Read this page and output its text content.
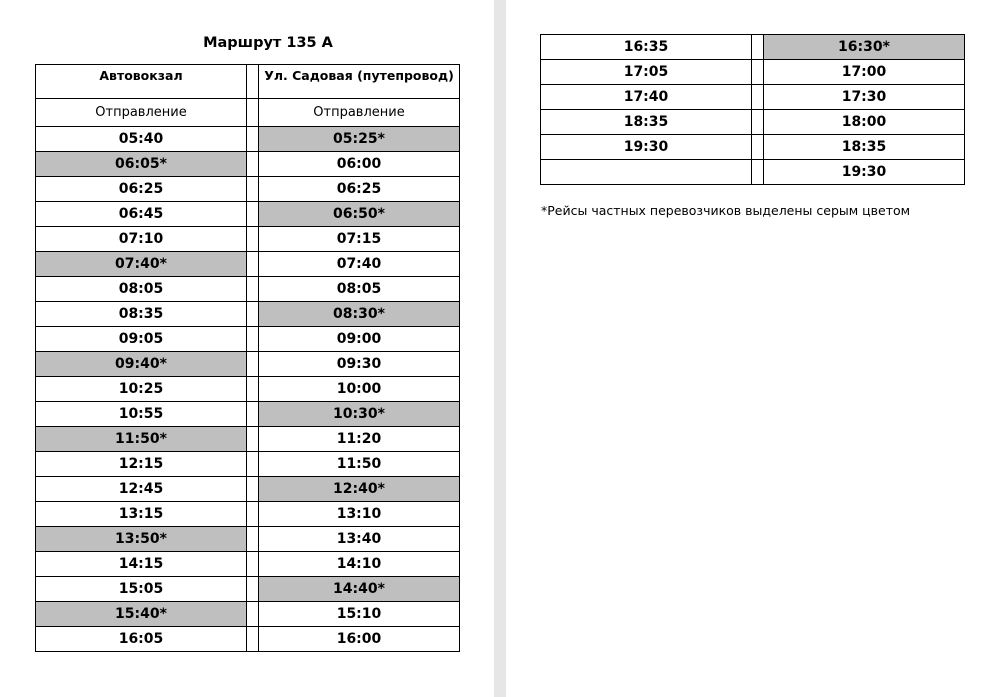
Маршрут 135 А
Автовокзал		Ул. Садовая (путепровод)
Отправление		Отправление
05:40		05:25*
06:05*		06:00
06:25		06:25
06:45		06:50*
07:10		07:15
07:40*		07:40
08:05		08:05
08:35		08:30*
09:05		09:00
09:40*		09:30
10:25		10:00
10:55		10:30*
11:50*		11:20
12:15		11:50
12:45		12:40*
13:15		13:10
13:50*		13:40
14:15		14:10
15:05		14:40*
15:40*		15:10
16:05		16:00
16:35		16:30*
17:05		17:00
17:40		17:30
18:35		18:00
19:30		18:35
		19:30
*Рейсы частных перевозчиков выделены серым цветом
